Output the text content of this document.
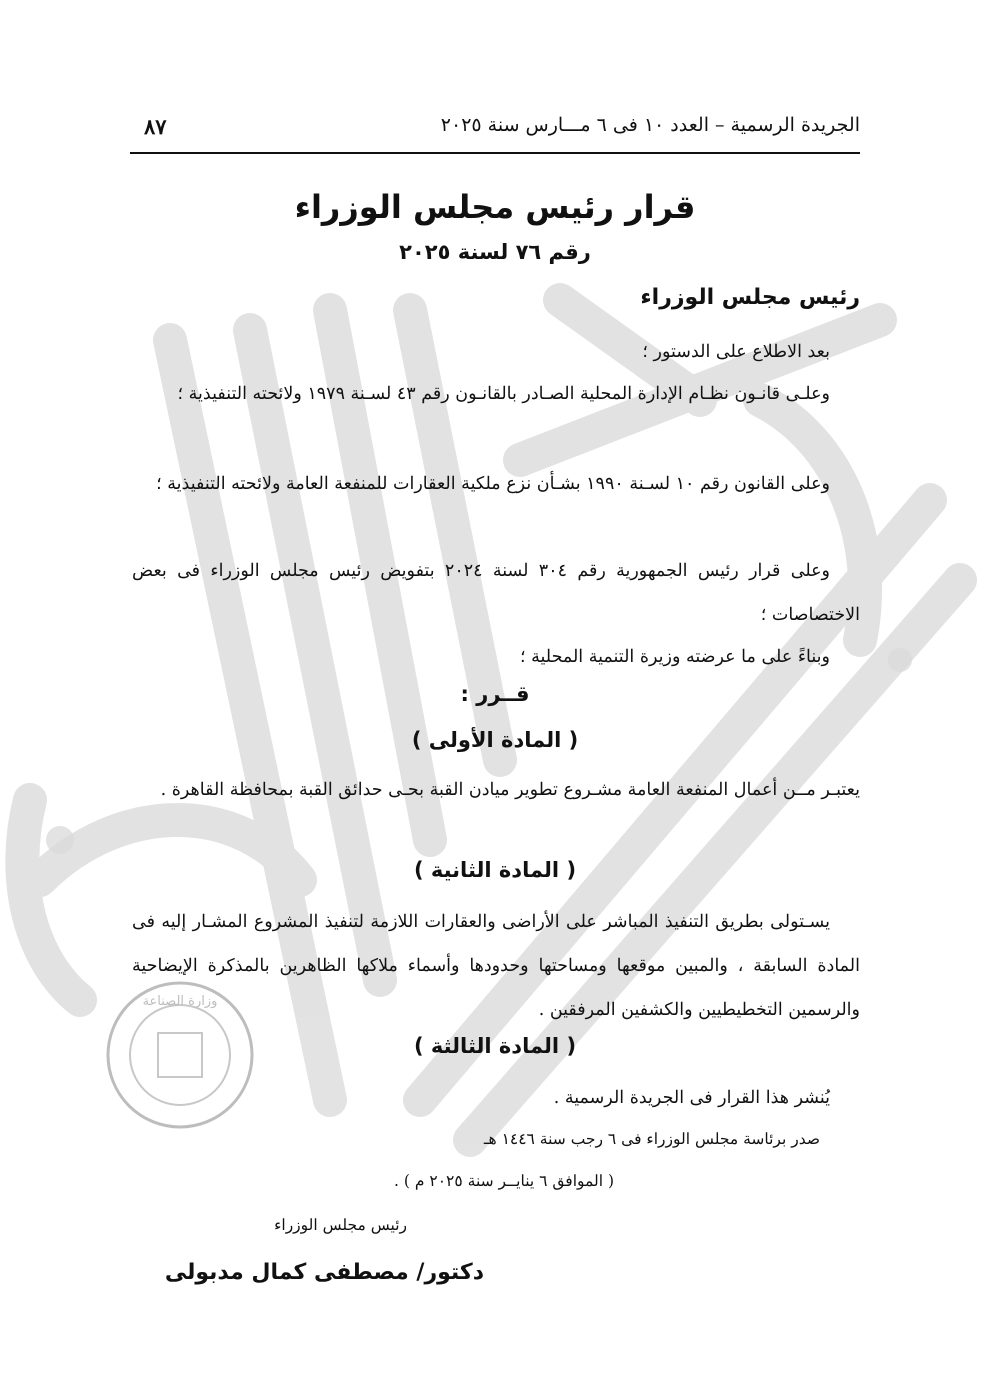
وزارة الصناعة
الجريدة الرسمية – العدد ١٠ فى ٦ مـــارس سنة ٢٠٢٥
٨٧
قرار رئيس مجلس الوزراء
رقم ٧٦ لسنة ٢٠٢٥
رئيس مجلس الوزراء

بعد الاطلاع على الدستور ؛

وعلـى قانـون نظـام الإدارة المحلية الصـادر بالقانـون رقم ٤٣ لسـنة ١٩٧٩ ولائحته التنفيذية ؛

وعلى القانون رقم ١٠ لسـنة ١٩٩٠ بشـأن نزع ملكية العقارات للمنفعة العامة ولائحته التنفيذية ؛

وعلى قرار رئيس الجمهورية رقم ٣٠٤ لسنة ٢٠٢٤ بتفويض رئيس مجلس الوزراء فى بعض الاختصاصات ؛

وبناءً على ما عرضته وزيرة التنمية المحلية ؛

قــرر :
( المادة الأولى )

يعتبـر مــن أعمال المنفعة العامة مشـروع تطوير ميادن القبة بحـى حدائق القبة بمحافظة القاهرة .

( المادة الثانية )

يسـتولى بطريق التنفيذ المباشر على الأراضى والعقارات اللازمة لتنفيذ المشروع المشـار إليه فى المادة السابقة ، والمبين موقعها ومساحتها وحدودها وأسماء ملاكها الظاهرين بالمذكرة الإيضاحية والرسمين التخطيطيين والكشفين المرفقين .

( المادة الثالثة )
يُنشر هذا القرار فى الجريدة الرسمية .
صدر برئاسة مجلس الوزراء فى ٦ رجب سنة ١٤٤٦ هـ
( الموافق ٦ ينايــر سنة ٢٠٢٥ م ) .
رئيس مجلس الوزراء
دكتور/ مصطفى كمال مدبولى
